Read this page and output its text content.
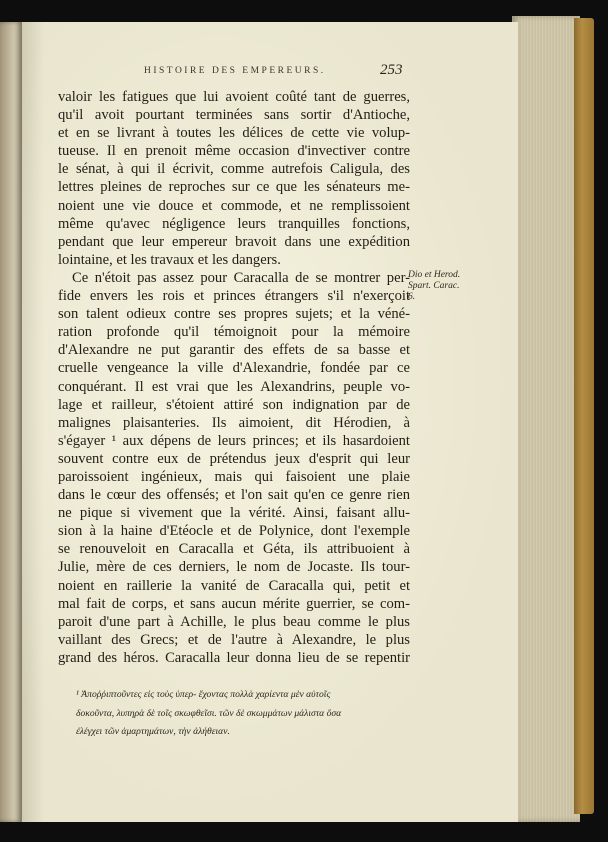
HISTOIRE DES EMPEREURS.	253
valoir les fatigues que lui avoient coûté tant de guerres,
qu'il avoit pourtant terminées sans sortir d'Antioche,
et en se livrant à toutes les délices de cette vie volup-
tueuse. Il en prenoit même occasion d'invectiver contre
le sénat, à qui il écrivit, comme autrefois Caligula, des
lettres pleines de reproches sur ce que les sénateurs me-
noient une vie douce et commode, et ne remplissoient
même qu'avec négligence leurs tranquilles fonctions,
pendant que leur empereur bravoit dans une expédition
lointaine, et les travaux et les dangers.
Ce n'étoit pas assez pour Caracalla de se montrer per-
fide envers les rois et princes étrangers s'il n'exerçoit
son talent odieux contre ses propres sujets; et la véné-
ration profonde qu'il témoignoit pour la mémoire
d'Alexandre ne put garantir des effets de sa basse et
cruelle vengeance la ville d'Alexandrie, fondée par ce
conquérant. Il est vrai que les Alexandrins, peuple vo-
lage et railleur, s'étoient attiré son indignation par de
malignes plaisanteries. Ils aimoient, dit Hérodien, à
s'égayer ¹ aux dépens de leurs princes; et ils hasardoient
souvent contre eux de prétendus jeux d'esprit qui leur
paroissoient ingénieux, mais qui faisoient une plaie
dans le cœur des offensés; et l'on sait qu'en ce genre rien
ne pique si vivement que la vérité. Ainsi, faisant allu-
sion à la haine d'Etéocle et de Polynice, dont l'exemple
se renouveloit en Caracalla et Géta, ils attribuoient à
Julie, mère de ces derniers, le nom de Jocaste. Ils tour-
noient en raillerie la vanité de Caracalla qui, petit et
mal fait de corps, et sans aucun mérite guerrier, se com-
paroit d'une part à Achille, le plus beau comme le plus
vaillant des Grecs; et de l'autre à Alexandre, le plus
grand des héros. Caracalla leur donna lieu de se repentir
Dio et Herod.
Spart. Carac.
6.
¹ Ἀποῤῥιπτοῦντες εἰς τοὺς ὑπερ- ἔχοντας πολλὰ χαρίεντα μὲν αὐτοῖς
δοκοῦντα, λυπηρὰ δὲ τοῖς σκωφθεῖσι. τῶν δὲ σκωμμάτων μάλιστα ὅσα
ἐλέγχει τῶν ἁμαρτημάτων, τὴν ἀλήθειαν.
